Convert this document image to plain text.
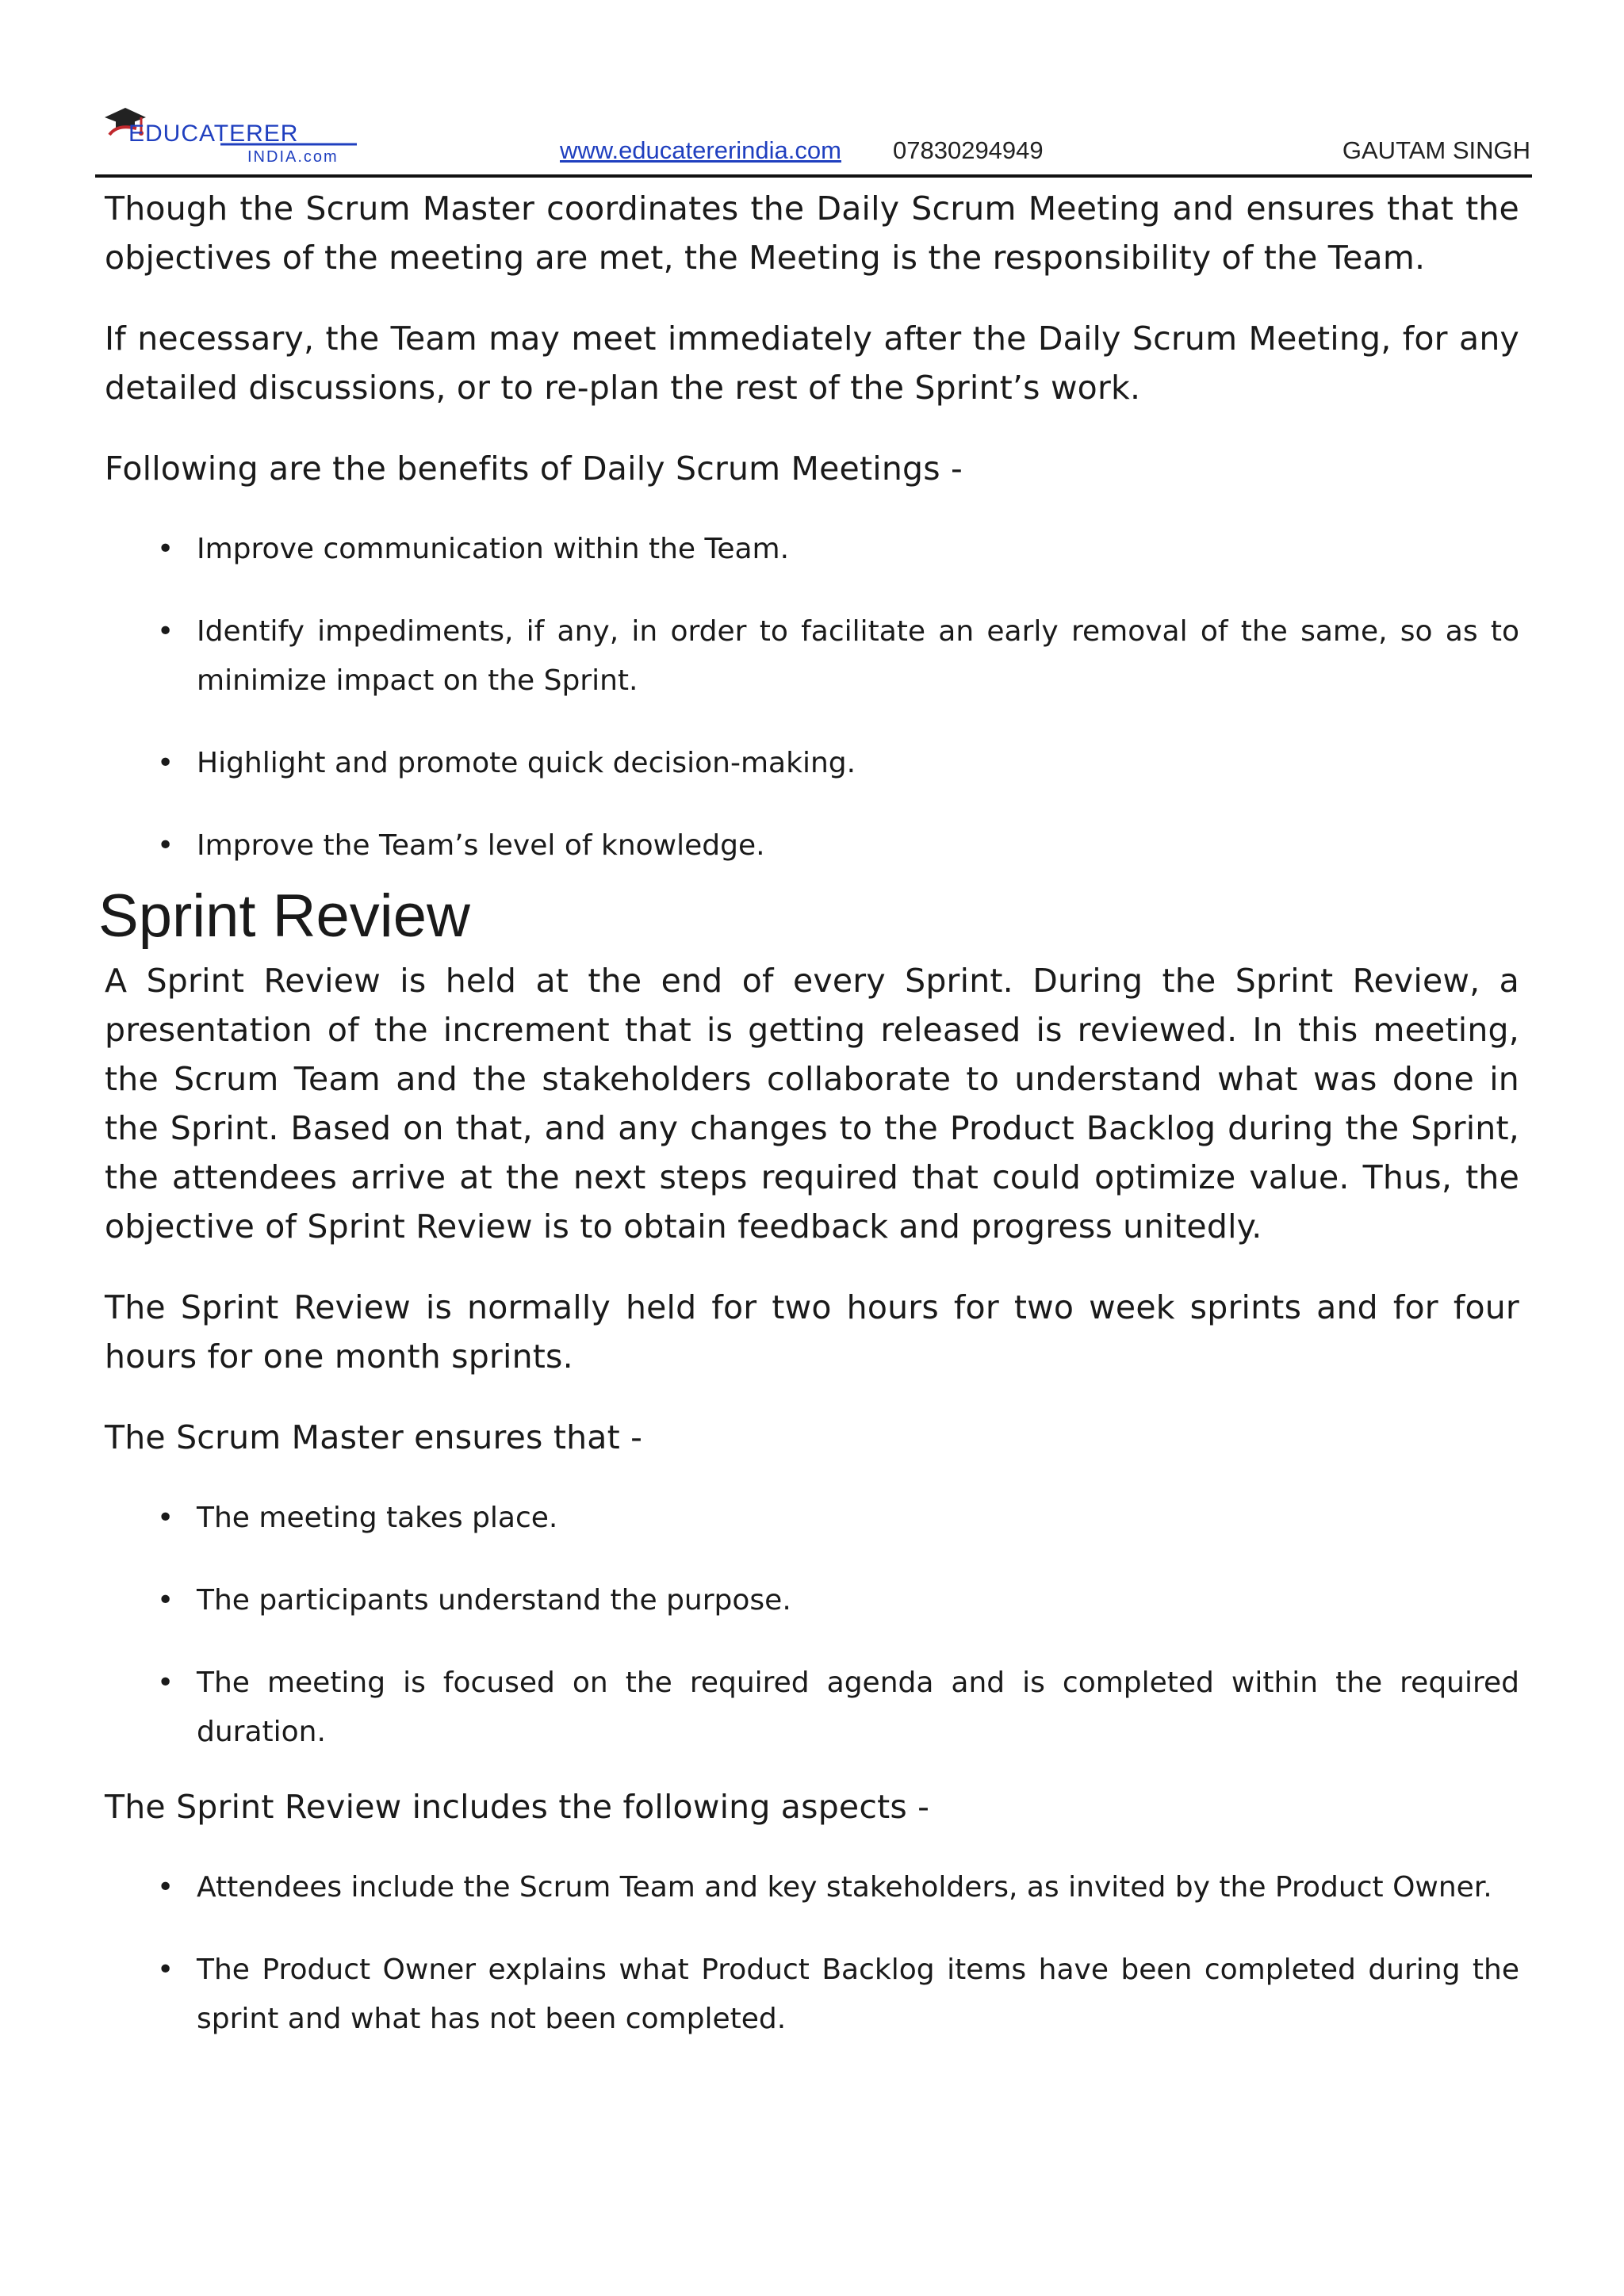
EDUCATERER
INDIA.com	www.educatererindia.com 07830294949	GAUTAM SINGH

Though the Scrum Master coordinates the Daily Scrum Meeting and ensures that the objectives of the meeting are met, the Meeting is the responsibility of the Team.

If necessary, the Team may meet immediately after the Daily Scrum Meeting, for any detailed discussions, or to re-plan the rest of the Sprint’s work.

Following are the benefits of Daily Scrum Meetings -

• Improve communication within the Team.
• Identify impediments, if any, in order to facilitate an early removal of the same, so as to minimize impact on the Sprint.
• Highlight and promote quick decision-making.
• Improve the Team’s level of knowledge.
Sprint Review

A Sprint Review is held at the end of every Sprint. During the Sprint Review, a presentation of the increment that is getting released is reviewed. In this meeting, the Scrum Team and the stakeholders collaborate to understand what was done in the Sprint. Based on that, and any changes to the Product Backlog during the Sprint, the attendees arrive at the next steps required that could optimize value. Thus, the objective of Sprint Review is to obtain feedback and progress unitedly.

The Sprint Review is normally held for two hours for two week sprints and for four hours for one month sprints.

The Scrum Master ensures that -

• The meeting takes place.
• The participants understand the purpose.
• The meeting is focused on the required agenda and is completed within the required duration.

The Sprint Review includes the following aspects -

• Attendees include the Scrum Team and key stakeholders, as invited by the Product Owner.
• The Product Owner explains what Product Backlog items have been completed during the sprint and what has not been completed.
